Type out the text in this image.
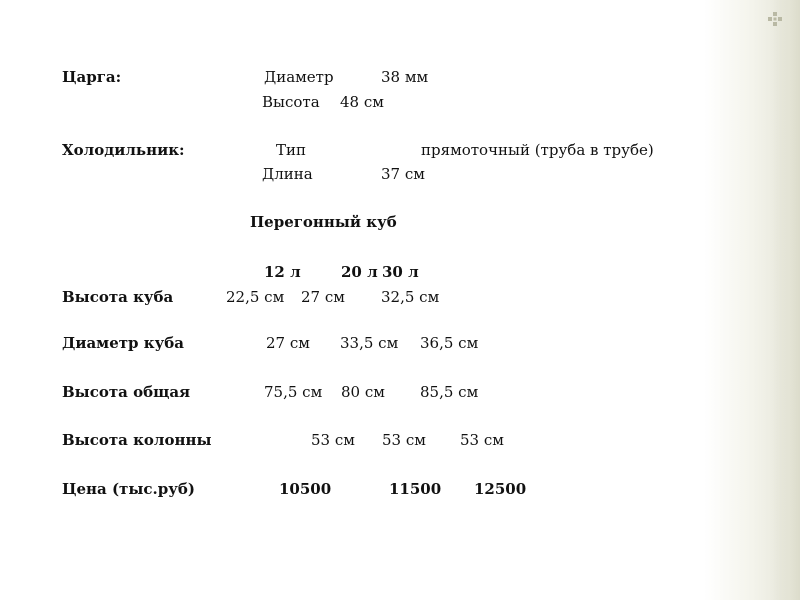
Царга:	Диаметр	38 мм
Высота 48 см
Холодильник:	Тип	прямоточный (труба в трубе)
Длина	37 см
Перегонный куб
12 л	20 л 30 л
Высота куба	22,5 см 27 см 32,5 см
Диаметр куба	27 см 33,5 см 36,5 см
Высота общая	75,5 см 80 см 85,5 см
Высота колонны	53 см 53 см 53 см
Цена (тыс.руб)	10500	11500 12500
